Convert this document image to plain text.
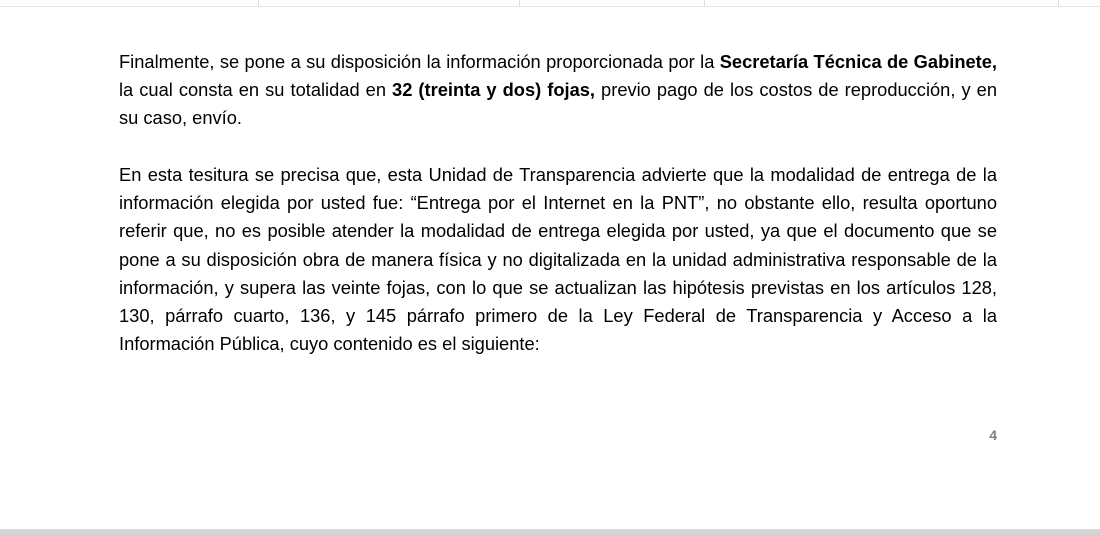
Finalmente, se pone a su disposición la información proporcionada por la Secretaría Técnica de Gabinete, la cual consta en su totalidad en 32 (treinta y dos) fojas, previo pago de los costos de reproducción, y en su caso, envío.

En esta tesitura se precisa que, esta Unidad de Transparencia advierte que la modalidad de entrega de la información elegida por usted fue: “Entrega por el Internet en la PNT”, no obstante ello, resulta oportuno referir que, no es posible atender la modalidad de entrega elegida por usted, ya que el documento que se pone a su disposición obra de manera física y no digitalizada en la unidad administrativa responsable de la información, y supera las veinte fojas, con lo que se actualizan las hipótesis previstas en los artículos 128, 130, párrafo cuarto, 136, y 145 párrafo primero de la Ley Federal de Transparencia y Acceso a la Información Pública, cuyo contenido es el siguiente:

4
